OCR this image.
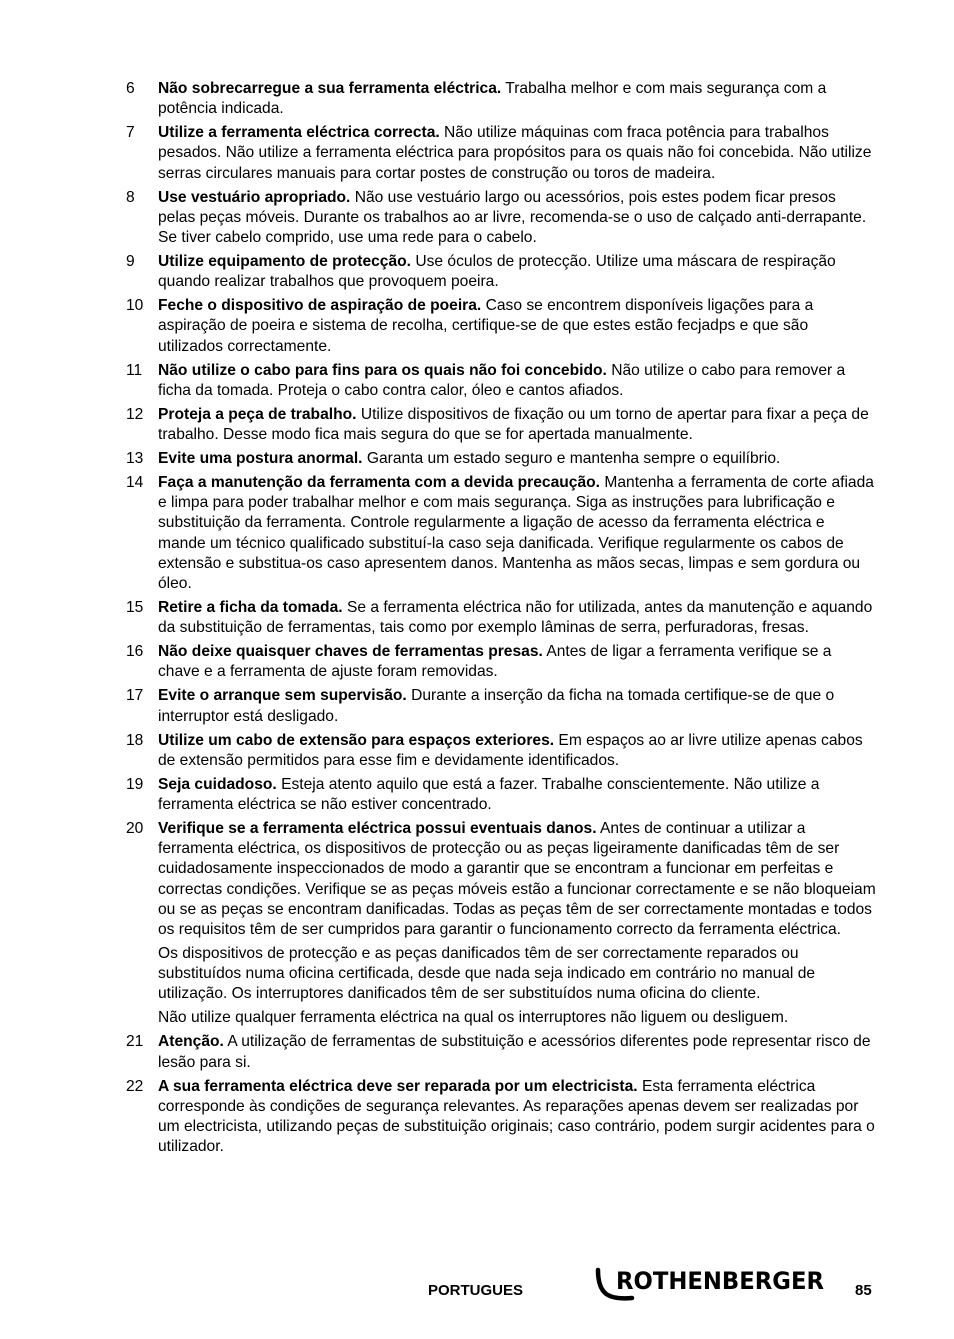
6	Não sobrecarregue a sua ferramenta eléctrica. Trabalha melhor e com mais segurança com a potência indicada.

7	Utilize a ferramenta eléctrica correcta. Não utilize máquinas com fraca potência para trabalhos pesados. Não utilize a ferramenta eléctrica para propósitos para os quais não foi concebida. Não utilize serras circulares manuais para cortar postes de construção ou toros de madeira.

8	Use vestuário apropriado. Não use vestuário largo ou acessórios, pois estes podem ficar presos pelas peças móveis. Durante os trabalhos ao ar livre, recomenda-se o uso de calçado anti-derrapante. Se tiver cabelo comprido, use uma rede para o cabelo.

9	Utilize equipamento de protecção. Use óculos de protecção. Utilize uma máscara de respiração quando realizar trabalhos que provoquem poeira.

10 Feche o dispositivo de aspiração de poeira. Caso se encontrem disponíveis ligações para a aspiração de poeira e sistema de recolha, certifique-se de que estes estão fecjadps e que são utilizados correctamente.

11	Não utilize o cabo para fins para os quais não foi concebido. Não utilize o cabo para remover a ficha da tomada. Proteja o cabo contra calor, óleo e cantos afiados.

12 Proteja a peça de trabalho. Utilize dispositivos de fixação ou um torno de apertar para fixar a peça de trabalho. Desse modo fica mais segura do que se for apertada manualmente.

13 Evite uma postura anormal. Garanta um estado seguro e mantenha sempre o equilíbrio.

14 Faça a manutenção da ferramenta com a devida precaução. Mantenha a ferramenta de corte afiada e limpa para poder trabalhar melhor e com mais segurança. Siga as instruções para lubrificação e substituição da ferramenta. Controle regularmente a ligação de acesso da ferramenta eléctrica e mande um técnico qualificado substituí-la caso seja danificada. Verifique regularmente os cabos de extensão e substitua-os caso apresentem danos. Mantenha as mãos secas, limpas e sem gordura ou óleo.

15 Retire a ficha da tomada. Se a ferramenta eléctrica não for utilizada, antes da manutenção e aquando da substituição de ferramentas, tais como por exemplo lâminas de serra, perfuradoras, fresas.

16 Não deixe quaisquer chaves de ferramentas presas. Antes de ligar a ferramenta verifique se a chave e a ferramenta de ajuste foram removidas.

17 Evite o arranque sem supervisão. Durante a inserção da ficha na tomada certifique-se de que o interruptor está desligado.

18 Utilize um cabo de extensão para espaços exteriores. Em espaços ao ar livre utilize apenas cabos de extensão permitidos para esse fim e devidamente identificados.

19 Seja cuidadoso. Esteja atento aquilo que está a fazer. Trabalhe conscientemente. Não utilize a ferramenta eléctrica se não estiver concentrado.

20 Verifique se a ferramenta eléctrica possui eventuais danos. Antes de continuar a utilizar a ferramenta eléctrica, os dispositivos de protecção ou as peças ligeiramente danificadas têm de ser cuidadosamente inspeccionados de modo a garantir que se encontram a funcionar em perfeitas e correctas condições. Verifique se as peças móveis estão a funcionar correctamente e se não bloqueiam ou se as peças se encontram danificadas. Todas as peças têm de ser correctamente montadas e todos os requisitos têm de ser cumpridos para garantir o funcionamento correcto da ferramenta eléctrica.

Os dispositivos de protecção e as peças danificados têm de ser correctamente reparados ou substituídos numa oficina certificada, desde que nada seja indicado em contrário no manual de utilização. Os interruptores danificados têm de ser substituídos numa oficina do cliente.

Não utilize qualquer ferramenta eléctrica na qual os interruptores não liguem ou desliguem.

21 Atenção. A utilização de ferramentas de substituição e acessórios diferentes pode representar risco de lesão para si.

22 A sua ferramenta eléctrica deve ser reparada por um electricista. Esta ferramenta eléctrica corresponde às condições de segurança relevantes. As reparações apenas devem ser realizadas por um electricista, utilizando peças de substituição originais; caso contrário, podem surgir acidentes para o utilizador.

PORTUGUES	ROTHENBERGER 85
